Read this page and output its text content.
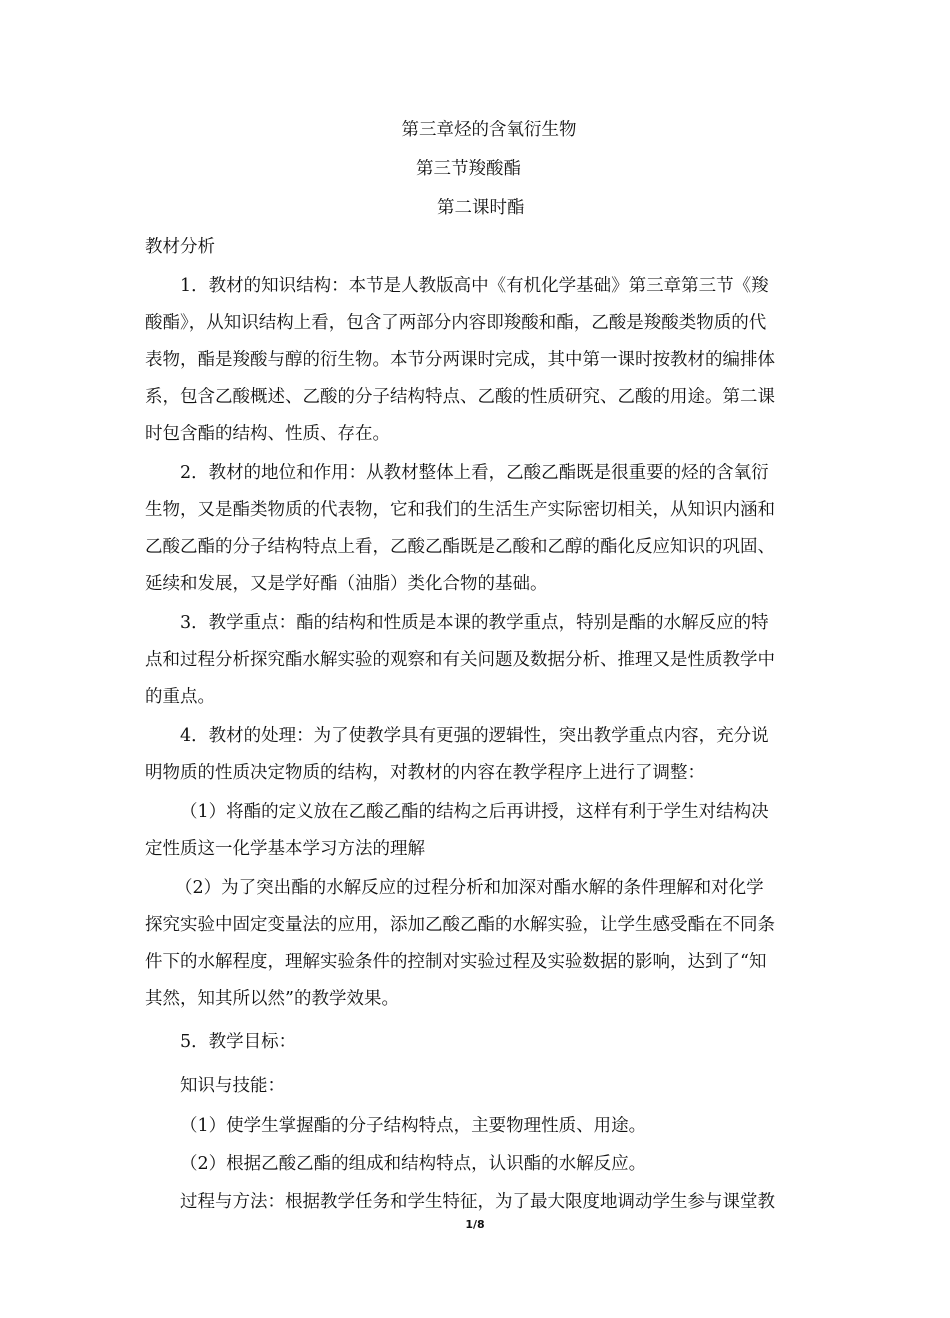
第三章烃的含氧衍生物
第三节羧酸酯
第二课时酯
教材分析
1．教材的知识结构：本节是人教版高中《有机化学基础》第三章第三节《羧
酸酯》，从知识结构上看，包含了两部分内容即羧酸和酯，乙酸是羧酸类物质的代
表物，酯是羧酸与醇的衍生物。本节分两课时完成，其中第一课时按教材的编排体
系，包含乙酸概述、乙酸的分子结构特点、乙酸的性质研究、乙酸的用途。第二课
时包含酯的结构、性质、存在。
2．教材的地位和作用：从教材整体上看，乙酸乙酯既是很重要的烃的含氧衍
生物，又是酯类物质的代表物，它和我们的生活生产实际密切相关，从知识内涵和
乙酸乙酯的分子结构特点上看，乙酸乙酯既是乙酸和乙醇的酯化反应知识的巩固、
延续和发展，又是学好酯（油脂）类化合物的基础。
3．教学重点：酯的结构和性质是本课的教学重点，特别是酯的水解反应的特
点和过程分析探究酯水解实验的观察和有关问题及数据分析、推理又是性质教学中
的重点。
4．教材的处理：为了使教学具有更强的逻辑性，突出教学重点内容，充分说
明物质的性质决定物质的结构，对教材的内容在教学程序上进行了调整：
（1）将酯的定义放在乙酸乙酯的结构之后再讲授，这样有利于学生对结构决
定性质这一化学基本学习方法的理解
（2）为了突出酯的水解反应的过程分析和加深对酯水解的条件理解和对化学
探究实验中固定变量法的应用，添加乙酸乙酯的水解实验，让学生感受酯在不同条
件下的水解程度，理解实验条件的控制对实验过程及实验数据的影响，达到了“知
其然，知其所以然”的教学效果。
5．教学目标：
知识与技能：
（1）使学生掌握酯的分子结构特点，主要物理性质、用途。
（2）根据乙酸乙酯的组成和结构特点，认识酯的水解反应。
过程与方法：根据教学任务和学生特征，为了最大限度地调动学生参与课堂教
1/8
